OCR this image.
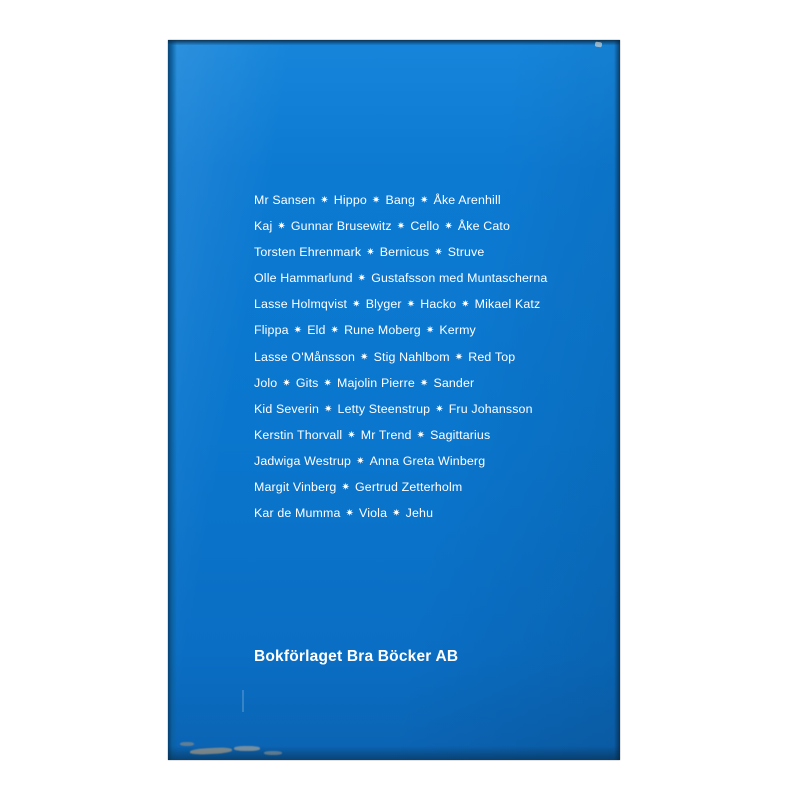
Mr Sansen ✷ Hippo ✷ Bang ✷ Åke Arenhill
Kaj ✷ Gunnar Brusewitz ✷ Cello ✷ Åke Cato
Torsten Ehrenmark ✷ Bernicus ✷ Struve
Olle Hammarlund ✷ Gustafsson med Muntascherna
Lasse Holmqvist ✷ Blyger ✷ Hacko ✷ Mikael Katz
Flippa ✷ Eld ✷ Rune Moberg ✷ Kermy
Lasse O'Månsson ✷ Stig Nahlbom ✷ Red Top
Jolo ✷ Gits ✷ Majolin Pierre ✷ Sander
Kid Severin ✷ Letty Steenstrup ✷ Fru Johansson
Kerstin Thorvall ✷ Mr Trend ✷ Sagittarius
Jadwiga Westrup ✷ Anna Greta Winberg
Margit Vinberg ✷ Gertrud Zetterholm
Kar de Mumma ✷ Viola ✷ Jehu
Bokförlaget Bra Böcker AB
